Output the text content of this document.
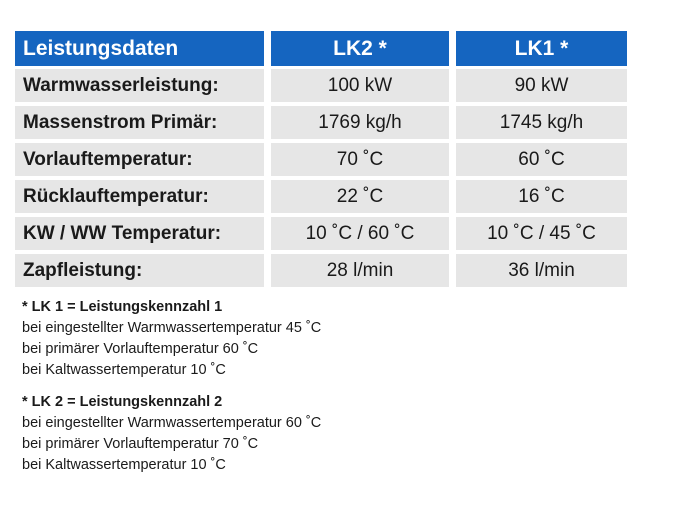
Leistungsdaten	LK2 *	LK1 *
Warmwasserleistung:	100 kW	90 kW
Massenstrom Primär:	1769 kg/h	1745 kg/h
Vorlauftemperatur:	70 ˚C	60 ˚C
Rücklauftemperatur:	22 ˚C	16 ˚C
KW / WW Temperatur:	10 ˚C / 60 ˚C	10 ˚C / 45 ˚C
Zapfleistung:	28 l/min	36 l/min
* LK 1 = Leistungskennzahl 1
bei eingestellter Warmwassertemperatur 45 ˚C
bei primärer Vorlauftemperatur 60 ˚C
bei Kaltwassertemperatur 10 ˚C
* LK 2 = Leistungskennzahl 2
bei eingestellter Warmwassertemperatur 60 ˚C
bei primärer Vorlauftemperatur 70 ˚C
bei Kaltwassertemperatur 10 ˚C
